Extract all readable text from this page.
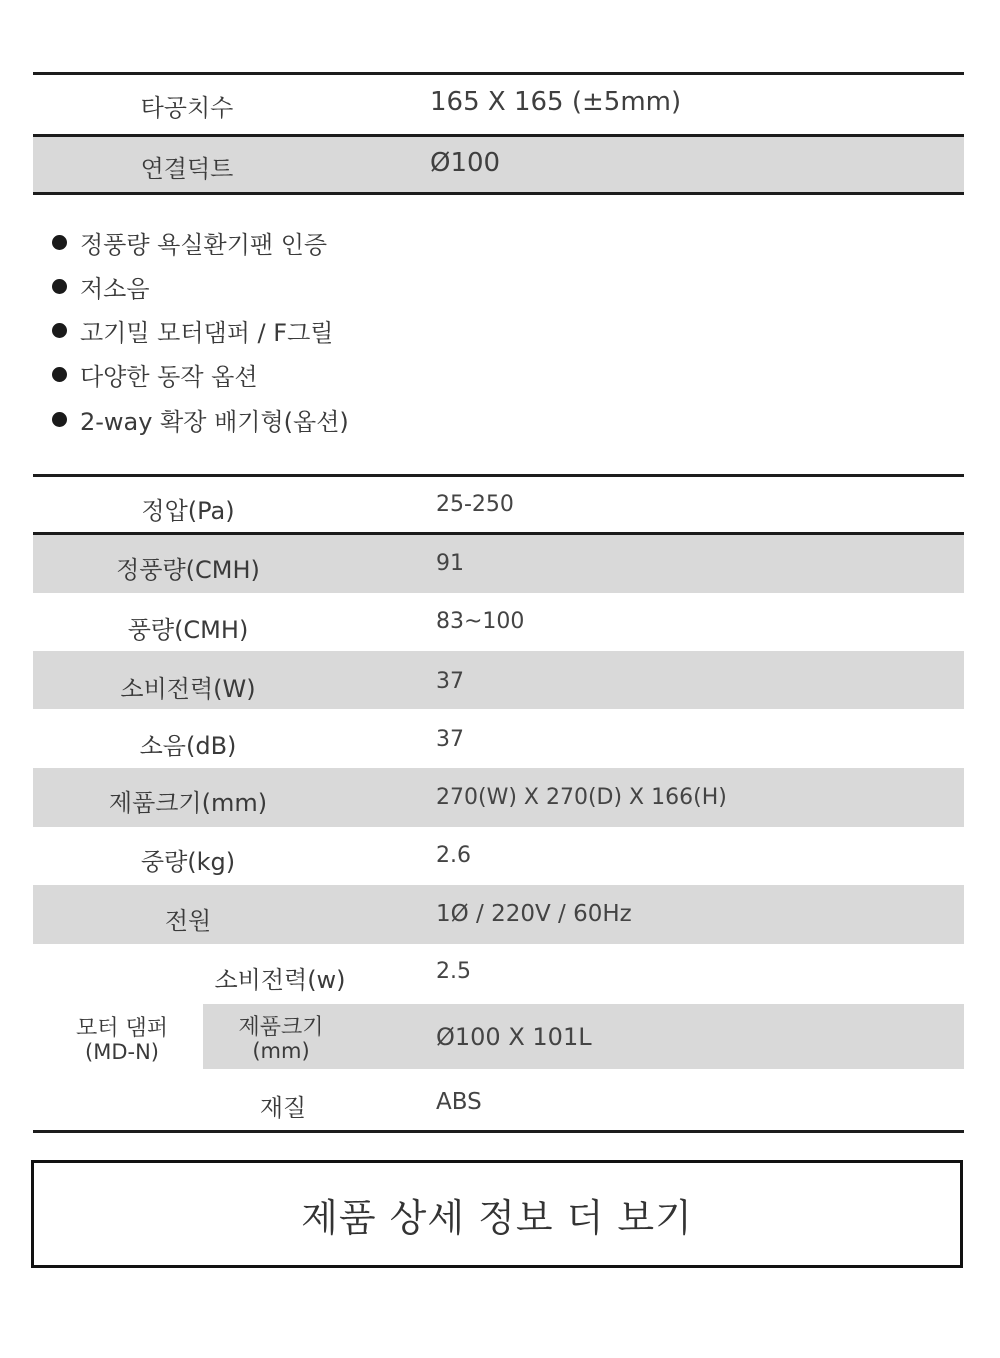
타공치수	165 X 165 (±5mm)
연결덕트	Ø100
정풍량 욕실환기팬 인증
저소음
고기밀 모터댐퍼 / F그릴
다양한 동작 옵션
2-way 확장 배기형(옵션)
정압(Pa)	25-250
정풍량(CMH)	91
풍량(CMH)	83~100
소비전력(W)	37
소음(dB)	37
제품크기(mm)	270(W) X 270(D) X 166(H)
중량(kg)	2.6
전원	1Ø / 220V / 60Hz
모터 댐퍼
(MD-N)
소비전력(w)	2.5
제품크기
(mm)	Ø100 X 101L
재질	ABS
제품 상세 정보 더 보기
